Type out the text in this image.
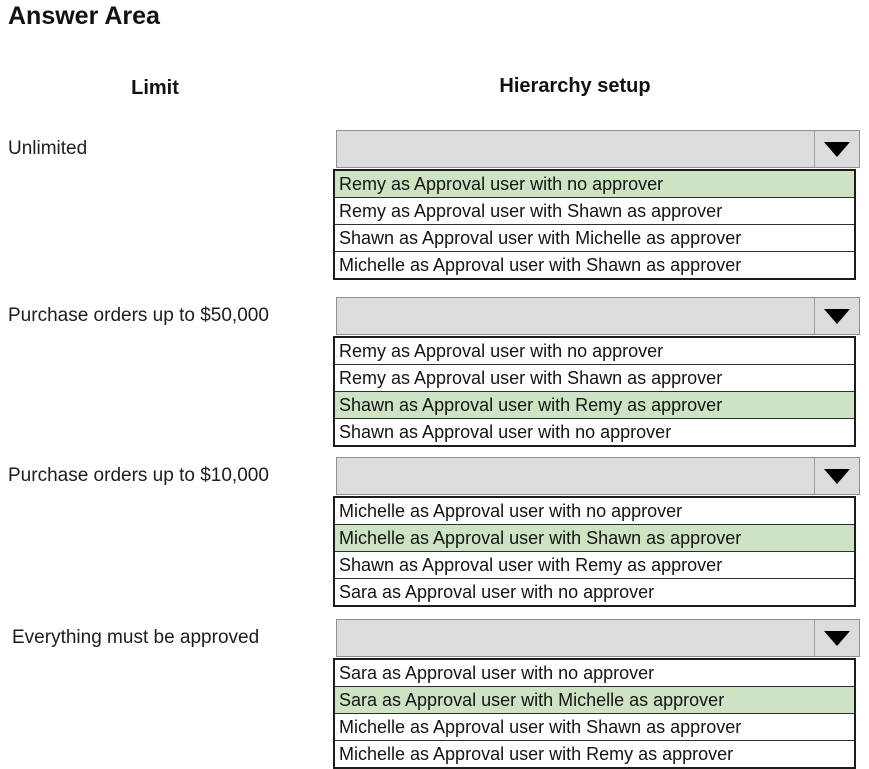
Answer Area
Limit	Hierarchy setup
Unlimited
Remy as Approval user with no approver
Remy as Approval user with Shawn as approver
Shawn as Approval user with Michelle as approver
Michelle as Approval user with Shawn as approver
Purchase orders up to $50,000
Remy as Approval user with no approver
Remy as Approval user with Shawn as approver
Shawn as Approval user with Remy as approver
Shawn as Approval user with no approver
Purchase orders up to $10,000
Michelle as Approval user with no approver
Michelle as Approval user with Shawn as approver
Shawn as Approval user with Remy as approver
Sara as Approval user with no approver
Everything must be approved
Sara as Approval user with no approver
Sara as Approval user with Michelle as approver
Michelle as Approval user with Shawn as approver
Michelle as Approval user with Remy as approver
